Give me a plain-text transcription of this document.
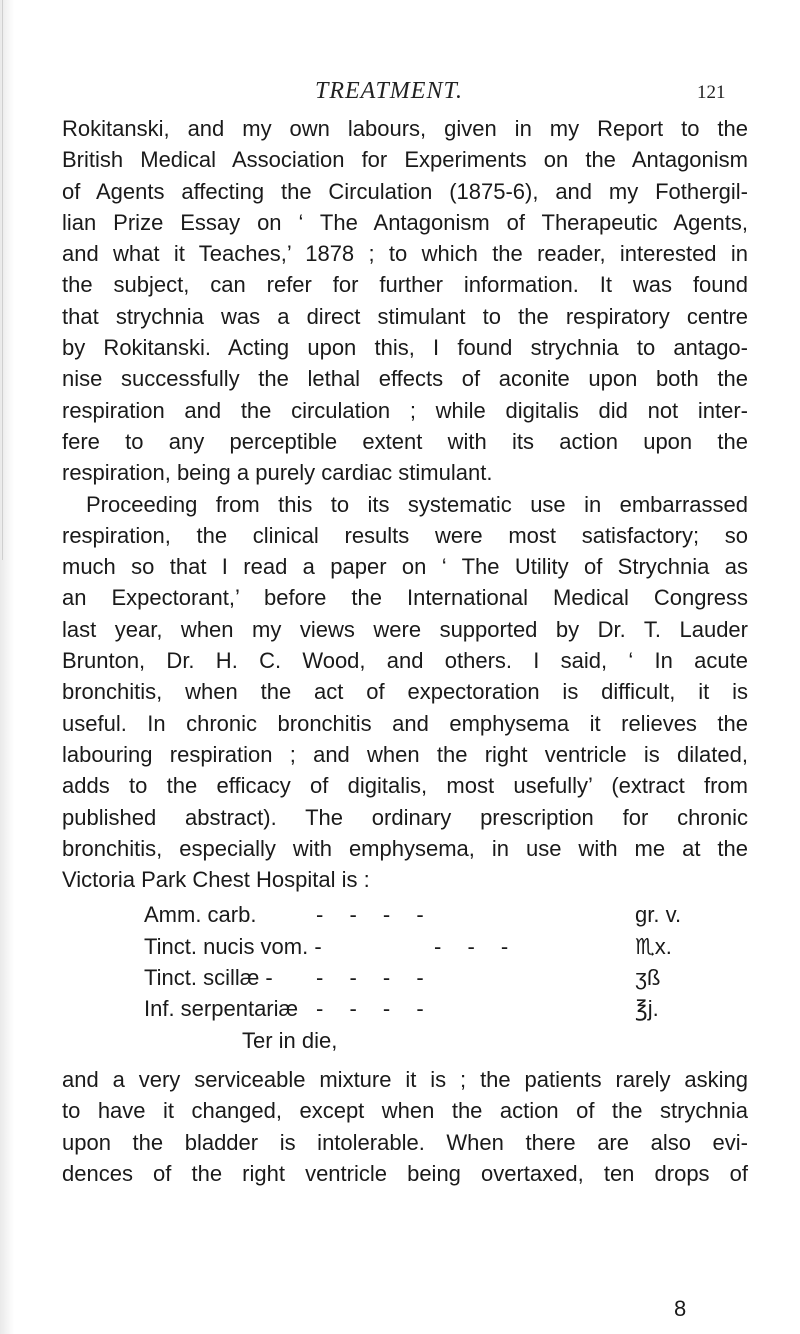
TREATMENT.	121
Rokitanski, and my own labours, given in my Report to the
British Medical Association for Experiments on the Antagonism
of Agents affecting the Circulation (1875-6), and my Fothergil-
lian Prize Essay on ‘ The Antagonism of Therapeutic Agents,
and what it Teaches,’ 1878 ; to which the reader, interested in
the subject, can refer for further information. It was found
that strychnia was a direct stimulant to the respiratory centre
by Rokitanski. Acting upon this, I found strychnia to antago-
nise successfully the lethal effects of aconite upon both the
respiration and the circulation ; while digitalis did not inter-
fere to any perceptible extent with its action upon the
respiration, being a purely cardiac stimulant.
Proceeding from this to its systematic use in embarrassed
respiration, the clinical results were most satisfactory; so
much so that I read a paper on ‘ The Utility of Strychnia as
an Expectorant,’ before the International Medical Congress
last year, when my views were supported by Dr. T. Lauder
Brunton, Dr. H. C. Wood, and others. I said, ‘ In acute
bronchitis, when the act of expectoration is difficult, it is
useful. In chronic bronchitis and emphysema it relieves the
labouring respiration ; and when the right ventricle is dilated,
adds to the efficacy of digitalis, most usefully’ (extract from
published abstract). The ordinary prescription for chronic
bronchitis, especially with emphysema, in use with me at the
Victoria Park Chest Hospital is :
Amm. carb.	- - - -	gr. v.
Tinct. nucis vom. -	- - -	♏x.
Tinct. scillæ - - - - -	ʒß
Inf. serpentariæ - - - -	℥j.
Ter in die,
and a very serviceable mixture it is ; the patients rarely asking
to have it changed, except when the action of the strychnia
upon the bladder is intolerable. When there are also evi-
dences of the right ventricle being overtaxed, ten drops of
8
